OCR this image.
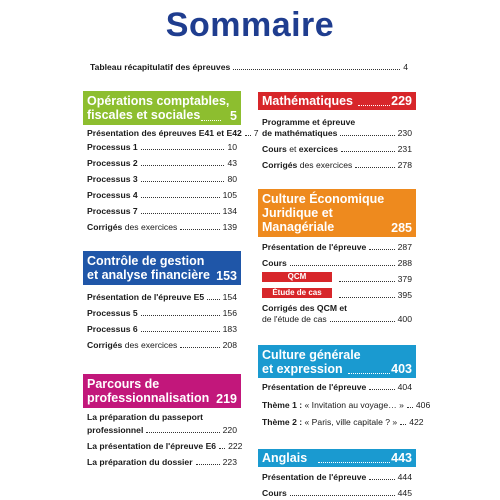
Sommaire
Tableau récapitulatif des épreuves	4
Opérations comptables,
fiscales et sociales 5
Présentation des épreuves E41 et E42 7
Processus 1	10
Processus 2	43
Processus 3	80
Processus 4	105
Processus 7	134
Corrigés des exercices	139
Contrôle de gestion
et analyse financière 153
Présentation de l'épreuve E5 154
Processus 5	156
Processus 6	183
Corrigés des exercices	208
Parcours de
professionnalisation 219
La préparation du passeport
professionnel	220
La présentation de l'épreuve E6 222
La préparation du dossier	223
Mathématiques	229
Programme et épreuve
de mathématiques	230
Cours et exercices	231
Corrigés des exercices	278
Culture Économique
Juridique et
Managériale	285
Présentation de l'épreuve	287
Cours	288
QCM	379
Étude de cas	395
Corrigés des QCM et
de l'étude de cas	400
Culture générale
et expression	403
Présentation de l'épreuve	404
Thème 1 : « Invitation au voyage… » 406
Thème 2 : « Paris, ville capitale ? » 422
Anglais	443
Présentation de l'épreuve	444
Cours	445
